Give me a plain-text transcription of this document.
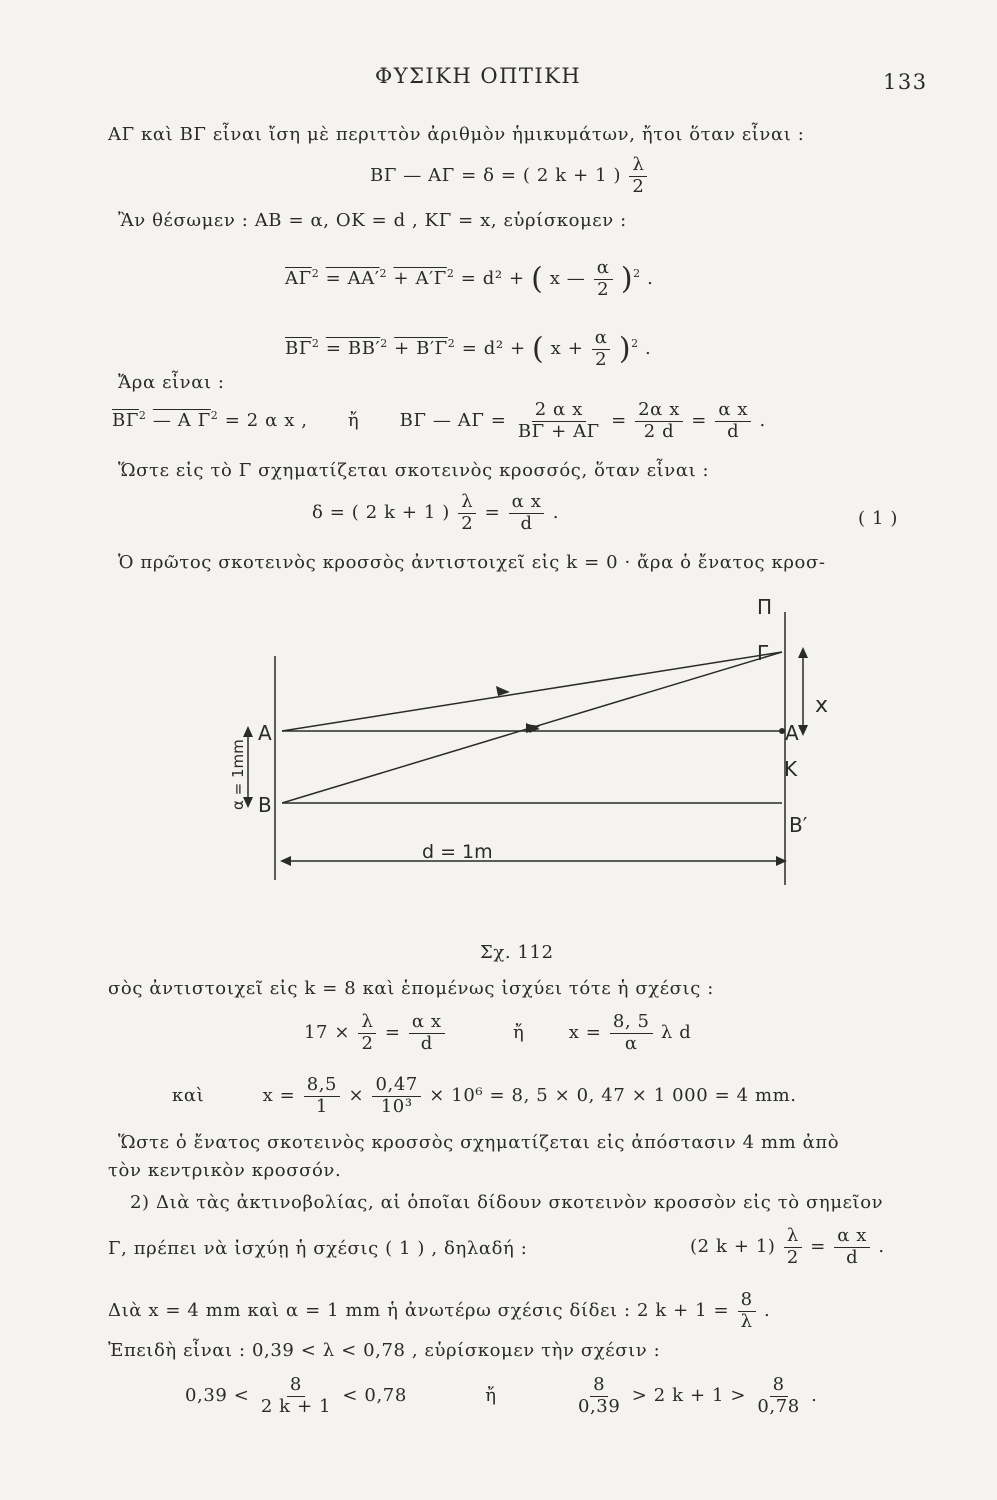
ΦΥΣΙΚΗ ΟΠΤΙΚΗ	133
ΑΓ καὶ ΒΓ εἶναι ἴση μὲ περιττὸν ἀριθμὸν ἡμικυμάτων, ἤτοι ὅταν εἶναι :
ΒΓ — ΑΓ = δ = ( 2 k + 1 ) $\frac{\lambda}{2}$
Ἂν θέσωμεν : ΑΒ = α, ΟΚ = d , ΚΓ = x, εὑρίσκομεν :
$\overline{A\Gamma}^2 = AA'^2 + A'\Gamma^2 = d^2$ + ( x — $\frac{\alpha}{2} )^2$ .
$\overline{B\Gamma}^2 = BB'^2 + B'\Gamma^2 = d^2$ + ( $x + \frac{\alpha}{2} )^2$ .
Ἄρα εἶναι :
$\overline{B\Gamma}^2$ — Α $\Gamma^2 = 2$ α x , ἤ ΒΓ — $A\Gamma = \frac{\text{2 α x}}{B\Gamma + A\Gamma} = \frac{\text{2α x}}{2 d} = \frac{\text{α x}}{d}$ .
Ὥστε εἰς τὸ Γ σχηματίζεται σκοτεινὸς κροσσός, ὅταν εἶναι :
δ = ( 2 k + 1 ) $\frac{\lambda}{2} = \frac{\text{α x}}{d}$ .	( 1 )
Ὁ πρῶτος σκοτεινὸς κροσσὸς ἀντιστοιχεῖ εἰς k = 0 · ἄρα ὁ ἔνατος κροσ-
Π
Γ
A	A′
K
B
B′
x
d = 1m
α = 1mm
Σχ. 112
σὸς ἀντιστοιχεῖ εἰς k = 8 καὶ ἑπομένως ἰσχύει τότε ἡ σχέσις :
$17 \times \frac{\lambda}{2} = \frac{\text{α x}}{d}$	ἤ $x = \frac{8, 5}{\alpha}$ λ d
καὶ	$x = \frac{8,5}{1} \times \frac{0,47}{\text{10³}} \times 10^6 = 8$, 5 × 0, 47 × 1 000 = 4 mm.
Ὥστε ὁ ἔνατος σκοτεινὸς κροσσὸς σχηματίζεται εἰς ἀπόστασιν 4 mm ἀπὸ
τὸν κεντρικὸν κροσσόν.
2) Διὰ τὰς ἀκτινοβολίας, αἱ ὁποῖαι δίδουν σκοτεινὸν κροσσὸν εἰς τὸ σημεῖον
Γ, πρέπει νὰ ἰσχύῃ ἡ σχέσις ( 1 ) , δηλαδή :	(2 $k + 1) \frac{\lambda}{2} = \frac{\text{α x}}{d}$ .
Διὰ x = 4 mm καὶ α = 1 mm ἡ ἀνωτέρω σχέσις δίδει : 2 $k + 1 = \frac{8}{\lambda}$ .
Ἐπειδὴ εἶναι : 0,39 < λ < 0,78 , εὑρίσκομεν τὴν σχέσιν :
$0,39 < \frac{8}{2 k + 1} < 0,78$	ἤ	$\frac{8}{0,39} > 2$ $k + 1 > \frac{8}{0,78}$ .
